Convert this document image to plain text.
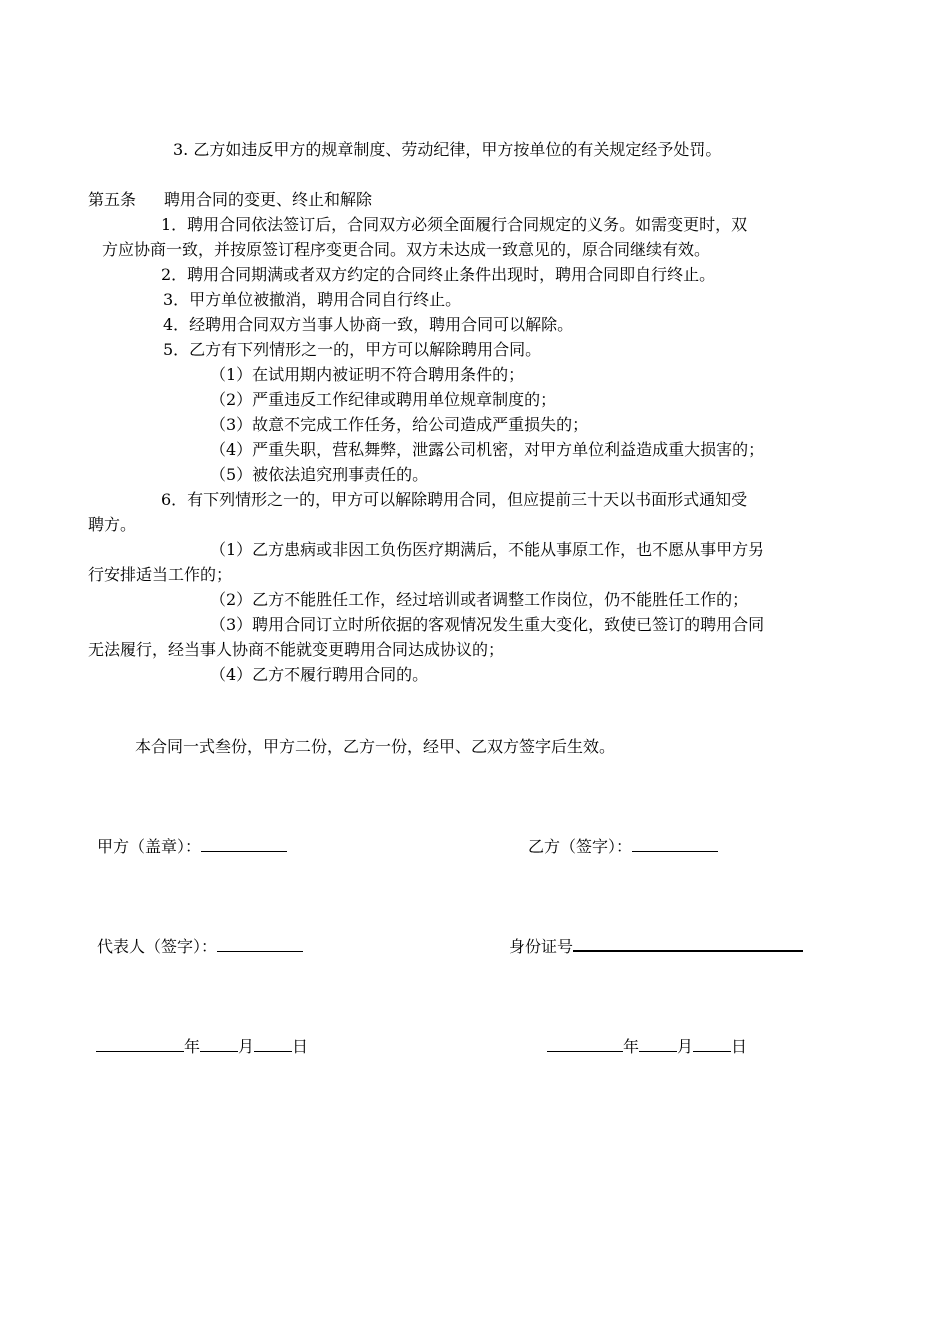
3. 乙方如违反甲方的规章制度、劳动纪律，甲方按单位的有关规定经予处罚。
第五条 聘用合同的变更、终止和解除
1．聘用合同依法签订后，合同双方必须全面履行合同规定的义务。如需变更时，双
方应协商一致，并按原签订程序变更合同。双方未达成一致意见的，原合同继续有效。
2．聘用合同期满或者双方约定的合同终止条件出现时，聘用合同即自行终止。
3．甲方单位被撤消，聘用合同自行终止。
4．经聘用合同双方当事人协商一致，聘用合同可以解除。
5．乙方有下列情形之一的，甲方可以解除聘用合同。
（1）在试用期内被证明不符合聘用条件的；
（2）严重违反工作纪律或聘用单位规章制度的；
（3）故意不完成工作任务，给公司造成严重损失的；
（4）严重失职，营私舞弊，泄露公司机密，对甲方单位利益造成重大损害的；
（5）被依法追究刑事责任的。
6．有下列情形之一的，甲方可以解除聘用合同，但应提前三十天以书面形式通知受
聘方。
（1）乙方患病或非因工负伤医疗期满后，不能从事原工作，也不愿从事甲方另
行安排适当工作的；
（2）乙方不能胜任工作，经过培训或者调整工作岗位，仍不能胜任工作的；
（3）聘用合同订立时所依据的客观情况发生重大变化，致使已签订的聘用合同
无法履行，经当事人协商不能就变更聘用合同达成协议的；
（4）乙方不履行聘用合同的。
本合同一式叁份，甲方二份，乙方一份，经甲、乙双方签字后生效。
甲方（盖章）：	乙方（签字）：
代表人（签字）：	身份证号
年 月 日	年 月 日
